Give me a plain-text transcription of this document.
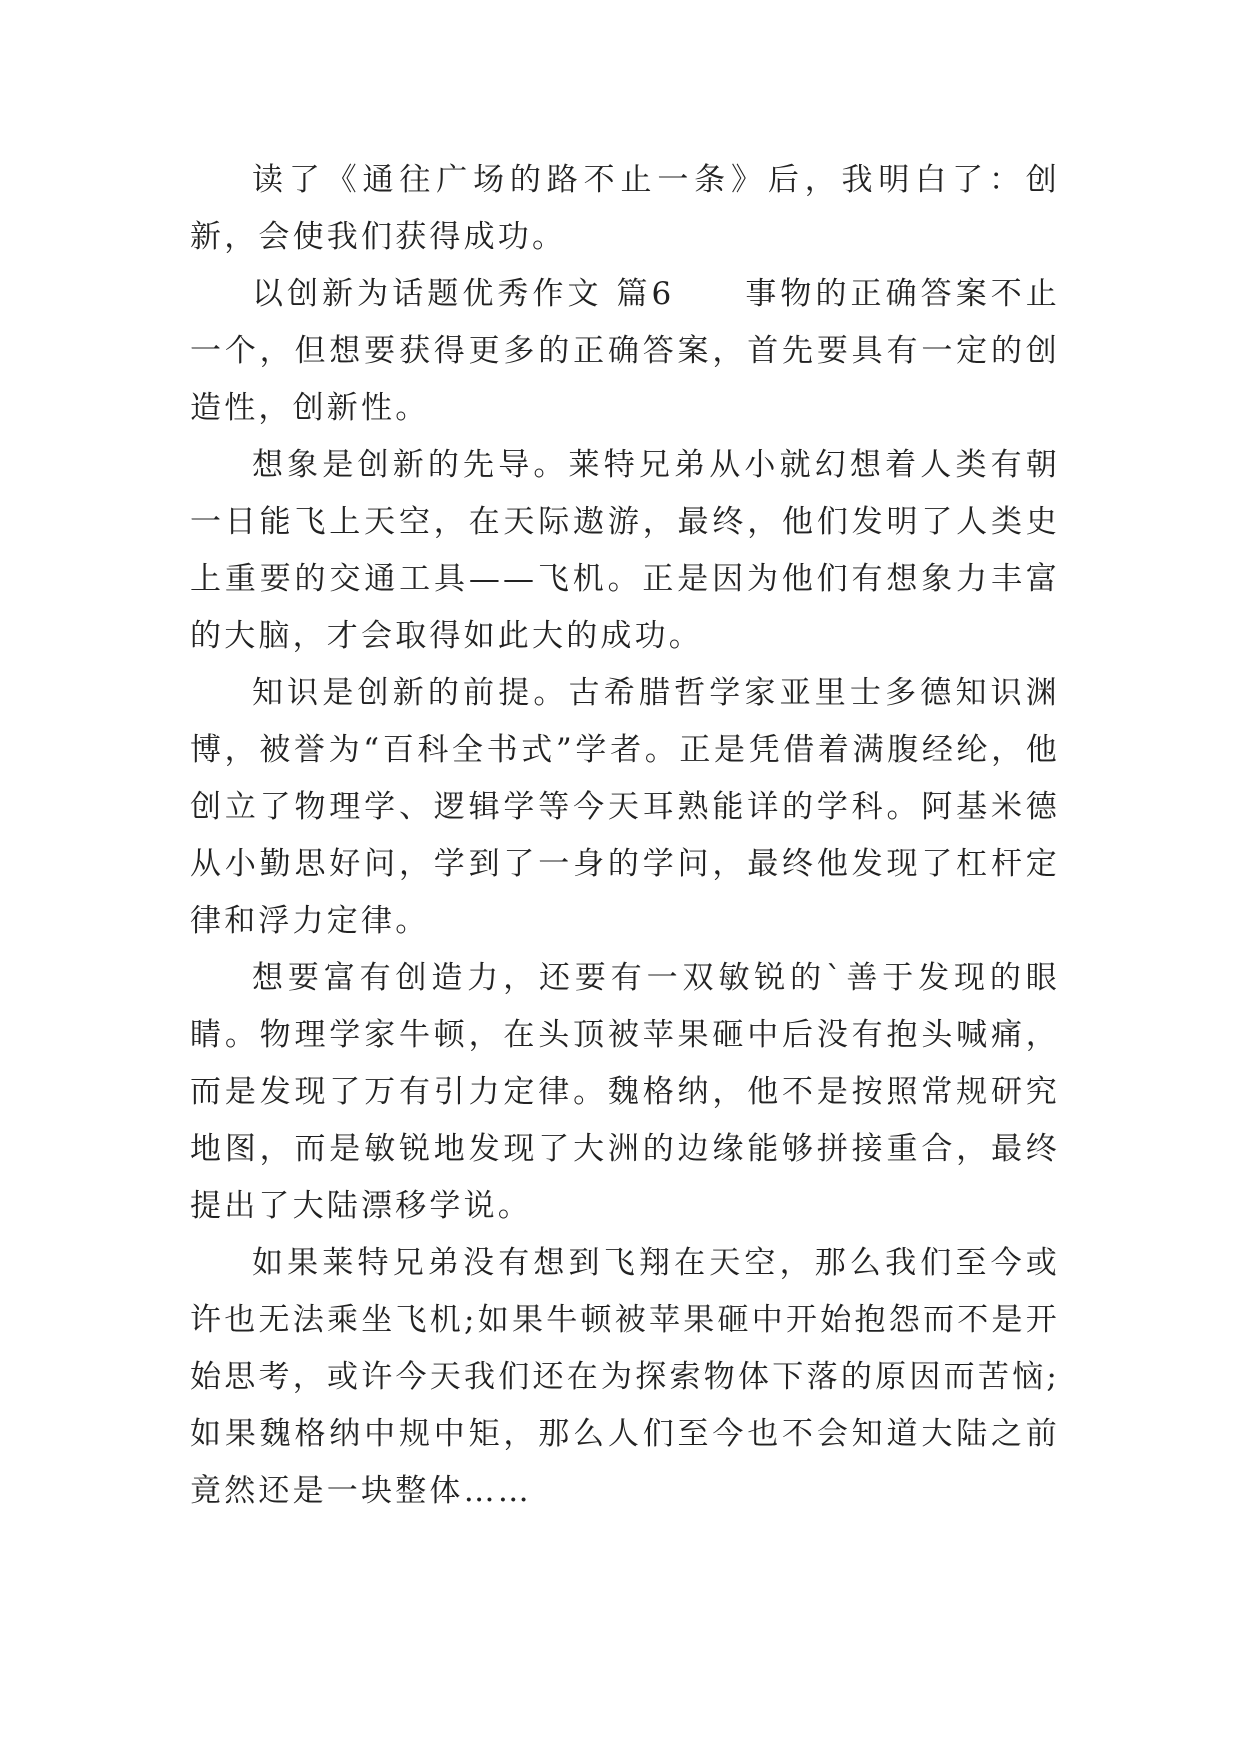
读了《通往广场的路不止一条》后，我明白了：创新，会使我们获得成功。

以创新为话题优秀作文 篇6　　事物的正确答案不止一个，但想要获得更多的正确答案，首先要具有一定的创造性，创新性。

想象是创新的先导。莱特兄弟从小就幻想着人类有朝一日能飞上天空，在天际遨游，最终，他们发明了人类史上重要的交通工具——飞机。正是因为他们有想象力丰富的大脑，才会取得如此大的成功。

知识是创新的前提。古希腊哲学家亚里士多德知识渊博，被誉为“百科全书式”学者。正是凭借着满腹经纶，他创立了物理学、逻辑学等今天耳熟能详的学科。阿基米德从小勤思好问，学到了一身的学问，最终他发现了杠杆定律和浮力定律。

想要富有创造力，还要有一双敏锐的`善于发现的眼睛。物理学家牛顿，在头顶被苹果砸中后没有抱头喊痛，而是发现了万有引力定律。魏格纳，他不是按照常规研究地图，而是敏锐地发现了大洲的边缘能够拼接重合，最终提出了大陆漂移学说。

如果莱特兄弟没有想到飞翔在天空，那么我们至今或许也无法乘坐飞机;如果牛顿被苹果砸中开始抱怨而不是开始思考，或许今天我们还在为探索物体下落的原因而苦恼;如果魏格纳中规中矩，那么人们至今也不会知道大陆之前竟然还是一块整体……
